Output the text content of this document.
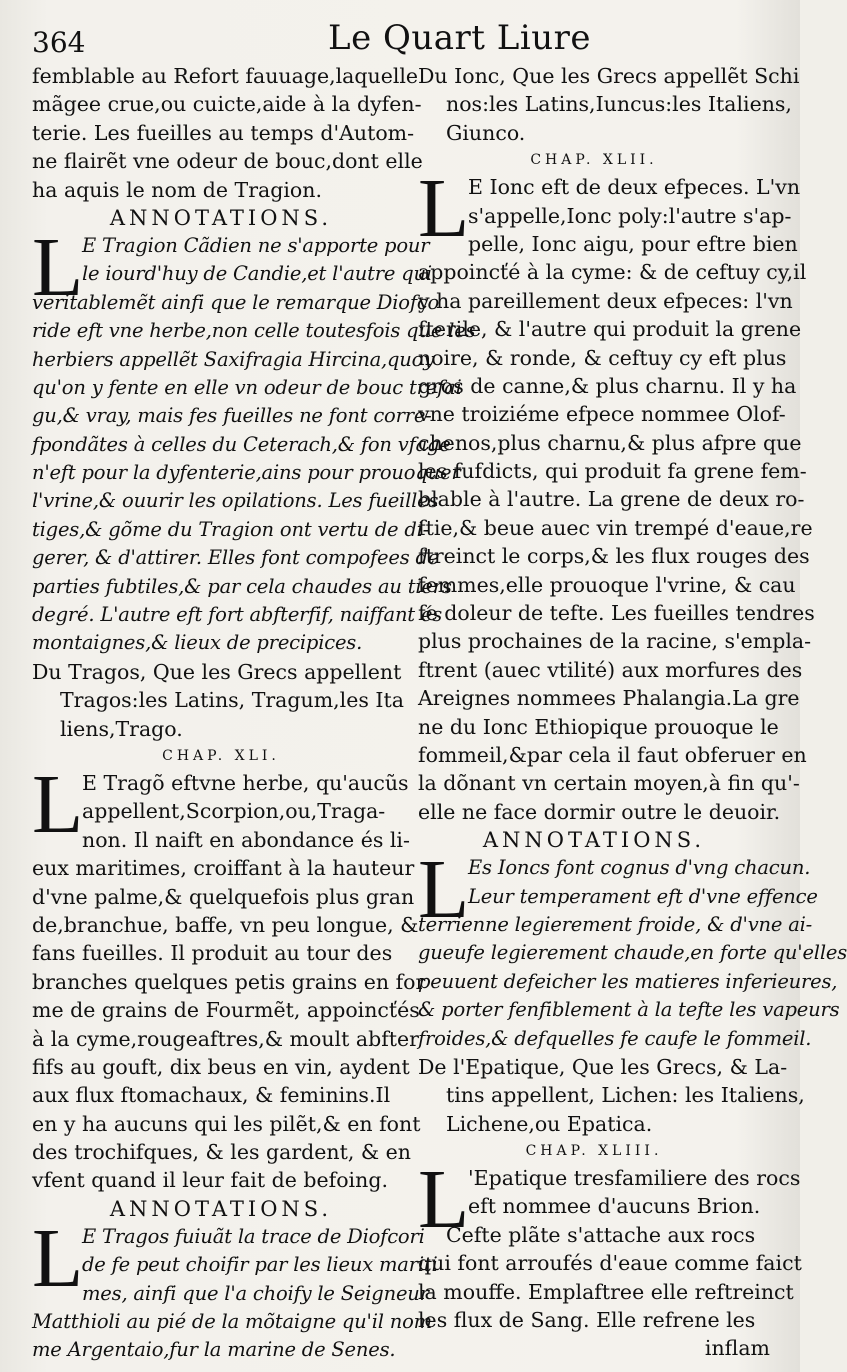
364	Le Quart Liure
femblable au Refort fauuage,laquelle
mãgee crue,ou cuicte,aide à la dyfen-
terie. Les fueilles au temps d'Autom-
ne flairẽt vne odeur de bouc,dont elle
ha aquis le nom de Tragion.
ANNOTATIONS.
L
E Tragion Cãdien ne s'apporte pour
le iourd'huy de Candie,et l'autre qui
veritablemẽt ainfi que le remarque Diofco
ride eft vne herbe,non celle toutesfois que les
herbiers appellẽt Saxifragia Hircina,quoy
qu'on y fente en elle vn odeur de bouc trefai
gu,& vray, mais fes fueilles ne font corre-
fpondãtes à celles du Ceterach,& fon vfage
n'eft pour la dyfenterie,ains pour prouoquer
l'vrine,& ouurir les opilations. Les fueilles
tiges,& gõme du Tragion ont vertu de di-
gerer, & d'attirer. Elles font compofees de
parties fubtiles,& par cela chaudes au tiers
degré. L'autre eft fort abfterfif, naiffant és
montaignes,& lieux de precipices.
Du Tragos, Que les Grecs appellent
Tragos:les Latins, Tragum,les Ita
liens,Trago.
CHAP. XLI.
L
E Tragõ eftvne herbe, qu'aucũs
appellent,Scorpion,ou,Traga-
non. Il naift en abondance és li-
eux maritimes, croiffant à la hauteur
d'vne palme,& quelquefois plus gran
de,branchue, baffe, vn peu longue, &
fans fueilles. Il produit au tour des
branches quelques petis grains en for
me de grains de Fourmẽt, appoincťés
à la cyme,rougeaftres,& moult abfter
fifs au gouft, dix beus en vin, aydent
aux flux ftomachaux, & feminins.Il
en y ha aucuns qui les pilẽt,& en font
des trochifques, & les gardent, & en
vfent quand il leur fait de befoing.
ANNOTATIONS.
L
E Tragos fuiuãt la trace de Diofcori
de fe peut choifir par les lieux mariti
mes, ainfi que l'a choify le Seigneur
Matthioli au pié de la mõtaigne qu'il nom
me Argentaio,fur la marine de Senes.
Du Ionc, Que les Grecs appellẽt Schi
nos:les Latins,Iuncus:les Italiens,
Giunco.
CHAP. XLII.
L
E Ionc eft de deux efpeces. L'vn
s'appelle,Ionc poly:l'autre s'ap-
pelle, Ionc aigu, pour eftre bien
appoincťé à la cyme: & de ceftuy cy,il
y ha pareillement deux efpeces: l'vn
fterile, & l'autre qui produit la grene
noire, & ronde, & ceftuy cy eft plus
gros de canne,& plus charnu. Il y ha
vne troiziéme efpece nommee Olof-
chenos,plus charnu,& plus afpre que
les fufdicts, qui produit fa grene fem-
blable à l'autre. La grene de deux ro-
ftie,& beue auec vin trempé d'eaue,re
ftreinct le corps,& les flux rouges des
femmes,elle prouoque l'vrine, & cau
fe doleur de tefte. Les fueilles tendres
plus prochaines de la racine, s'empla-
ftrent (auec vtilité) aux morfures des
Areignes nommees Phalangia.La gre
ne du Ionc Ethiopique prouoque le
fommeil,&par cela il faut obferuer en
la dõnant vn certain moyen,à fin qu'-
elle ne face dormir outre le deuoir.
ANNOTATIONS.
L
Es Ioncs font cognus d'vng chacun.
Leur temperament eft d'vne effence
terrienne legierement froide, & d'vne ai-
gueufe legierement chaude,en forte qu'elles
peuuent defeicher les matieres inferieures,
& porter fenfiblement à la tefte les vapeurs
froides,& defquelles fe caufe le fommeil.
De l'Epatique, Que les Grecs, & La-
tins appellent, Lichen: les Italiens,
Lichene,ou Epatica.
CHAP. XLIII.
L
'Epatique tresfamiliere des rocs
eft nommee d'aucuns Brion.
Cefte plãte s'attache aux rocs
qui font arroufés d'eaue comme faict
la mouffe. Emplaftree elle reftreinct
les flux de Sang. Elle refrene les
inflam
